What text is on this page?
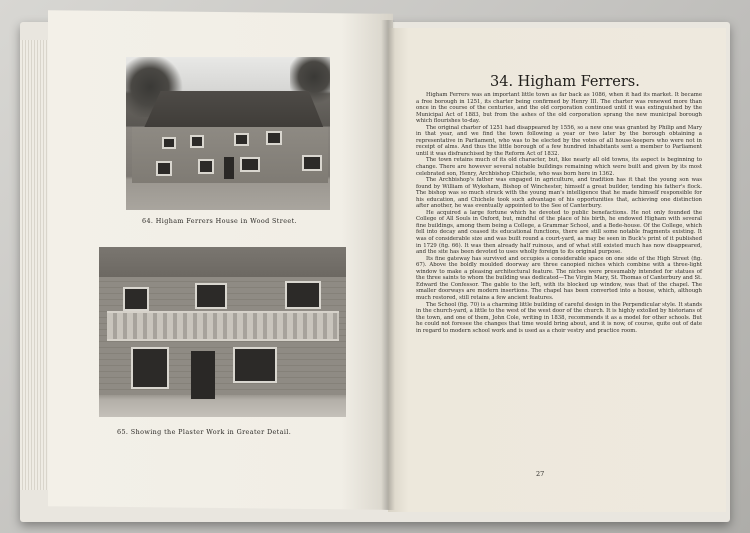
64. Higham Ferrers House in Wood Street.
65. Showing the Plaster Work in Greater Detail.
34. Higham Ferrers.

Higham Ferrers was an important little town as far back as 1086, when it had its market. It became a free borough in 1251, its charter being confirmed by Henry III. The charter was renewed more than once in the course of the centuries, and the old corporation continued until it was extinguished by the Municipal Act of 1883, but from the ashes of the old corporation sprang the new municipal borough which flourishes to-day.

The original charter of 1251 had disappeared by 1556, so a new one was granted by Philip and Mary in that year, and we find the town following a year or two later by the borough obtaining a representative in Parliament, who was to be elected by the votes of all house-keepers who were not in receipt of alms. And thus the little borough of a few hundred inhabitants sent a member to Parliament until it was disfranchised by the Reform Act of 1832.

The town retains much of its old character, but, like nearly all old towns, its aspect is beginning to change. There are however several notable buildings remaining which were built and given by its most celebrated son, Henry, Archbishop Chichele, who was born here in 1362.

The Archbishop's father was engaged in agriculture, and tradition has it that the young son was found by William of Wykeham, Bishop of Winchester, himself a great builder, tending his father's flock. The bishop was so much struck with the young man's intelligence that he made himself responsible for his education, and Chichele took such advantage of his opportunities that, achieving one distinction after another, he was eventually appointed to the See of Canterbury.

He acquired a large fortune which he devoted to public benefactions. He not only founded the College of All Souls in Oxford, but, mindful of the place of his birth, he endowed Higham with several fine buildings, among them being a College, a Grammar School, and a Bede-house. Of the College, which fell into decay and ceased its educational functions, there are still some notable fragments existing. It was of considerable size and was built round a court-yard, as may be seen in Buck's print of it published in 1729 (fig. 66). It was then already half ruinous, and of what still existed much has now disappeared, and the site has been devoted to uses wholly foreign to its original purpose.

Its fine gateway has survived and occupies a considerable space on one side of the High Street (fig. 67). Above the boldly moulded doorway are three canopied niches which combine with a three-light window to make a pleasing architectural feature. The niches were presumably intended for statues of the three saints to whom the building was dedicated—The Virgin Mary, St. Thomas of Canterbury and St. Edward the Confessor. The gable to the left, with its blocked up window, was that of the chapel. The smaller doorways are modern insertions. The chapel has been converted into a house, which, although much restored, still retains a few ancient features.

The School (fig. 70) is a charming little building of careful design in the Perpendicular style. It stands in the church-yard, a little to the west of the west door of the church. It is highly extolled by historians of the town, and one of them, John Cole, writing in 1838, recommends it as a model for other schools. But he could not foresee the changes that time would bring about, and it is now, of course, quite out of date in regard to modern school work and is used as a choir vestry and practice room.

27
